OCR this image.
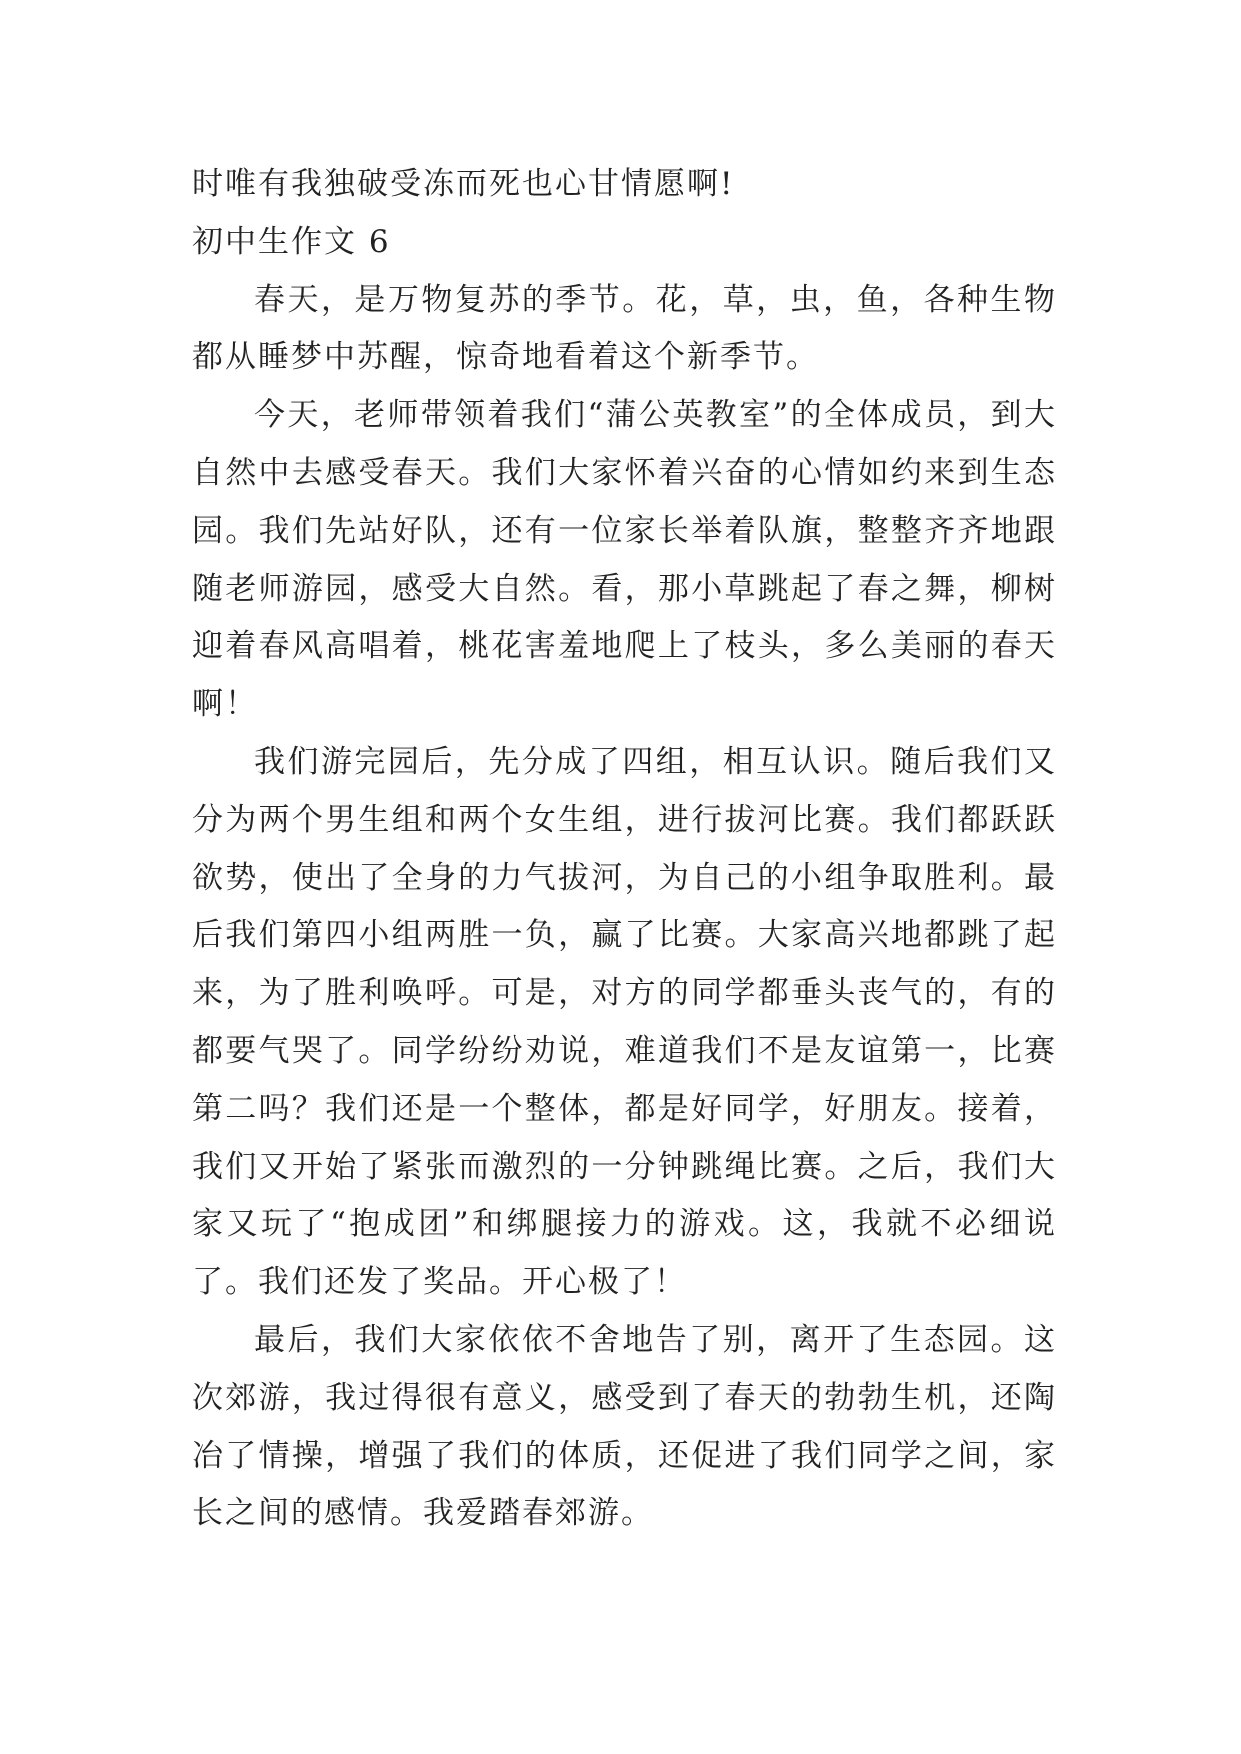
时唯有我独破受冻而死也心甘情愿啊!

初中生作文 6

春天，是万物复苏的季节。花，草，虫，鱼，各种生物都从睡梦中苏醒，惊奇地看着这个新季节。

今天，老师带领着我们“蒲公英教室”的全体成员，到大自然中去感受春天。我们大家怀着兴奋的心情如约来到生态园。我们先站好队，还有一位家长举着队旗，整整齐齐地跟随老师游园，感受大自然。看，那小草跳起了春之舞，柳树迎着春风高唱着，桃花害羞地爬上了枝头，多么美丽的春天啊！

我们游完园后，先分成了四组，相互认识。随后我们又分为两个男生组和两个女生组，进行拔河比赛。我们都跃跃欲势，使出了全身的力气拔河，为自己的小组争取胜利。最后我们第四小组两胜一负，赢了比赛。大家高兴地都跳了起来，为了胜利唤呼。可是，对方的同学都垂头丧气的，有的都要气哭了。同学纷纷劝说，难道我们不是友谊第一，比赛第二吗？我们还是一个整体，都是好同学，好朋友。接着，我们又开始了紧张而激烈的一分钟跳绳比赛。之后，我们大家又玩了“抱成团”和绑腿接力的游戏。这，我就不必细说了。我们还发了奖品。开心极了！

最后，我们大家依依不舍地告了别，离开了生态园。这次郊游，我过得很有意义，感受到了春天的勃勃生机，还陶冶了情操，增强了我们的体质，还促进了我们同学之间，家长之间的感情。我爱踏春郊游。
